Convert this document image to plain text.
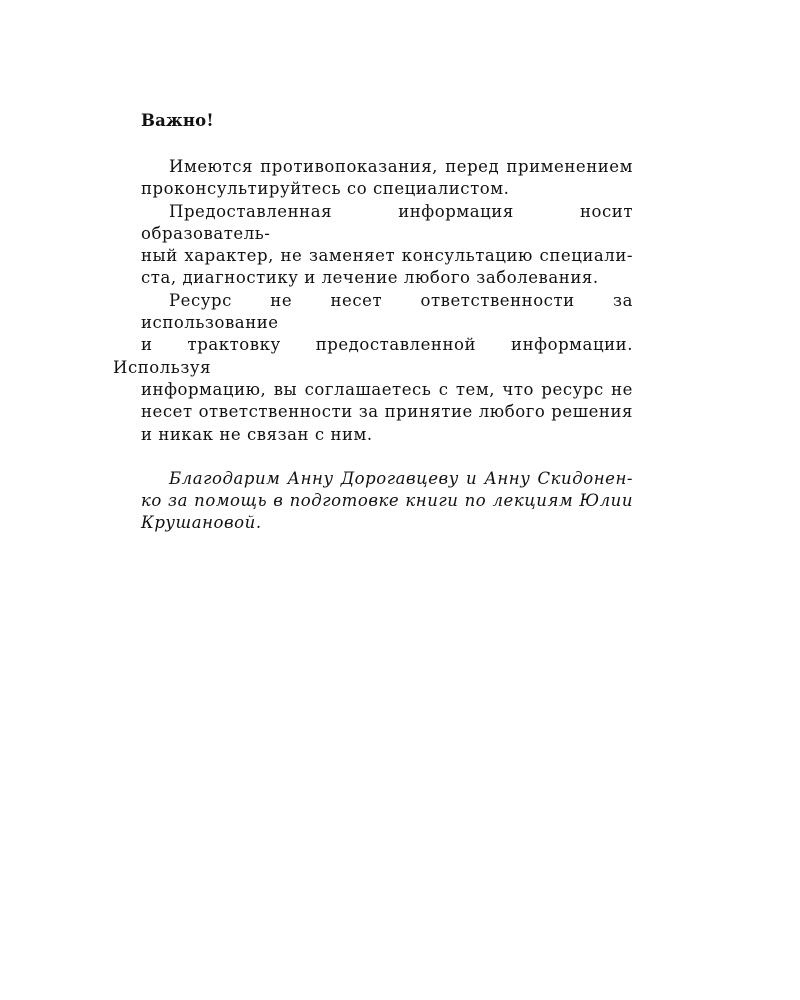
Важно!
Имеются противопоказания, перед применением
проконсультируйтесь со специалистом.
Предоставленная информация носит образователь-
ный характер, не заменяет консультацию специали-
ста, диагностику и лечение любого заболевания.
Ресурс не несет ответственности за использование
и трактовку предоставленной информации. Используя
информацию, вы соглашаетесь с тем, что ресурс не
несет ответственности за принятие любого решения
и никак не связан с ним.
Благодарим Анну Дорогавцеву и Анну Скидонен-
ко за помощь в подготовке книги по лекциям Юлии
Крушановой.
